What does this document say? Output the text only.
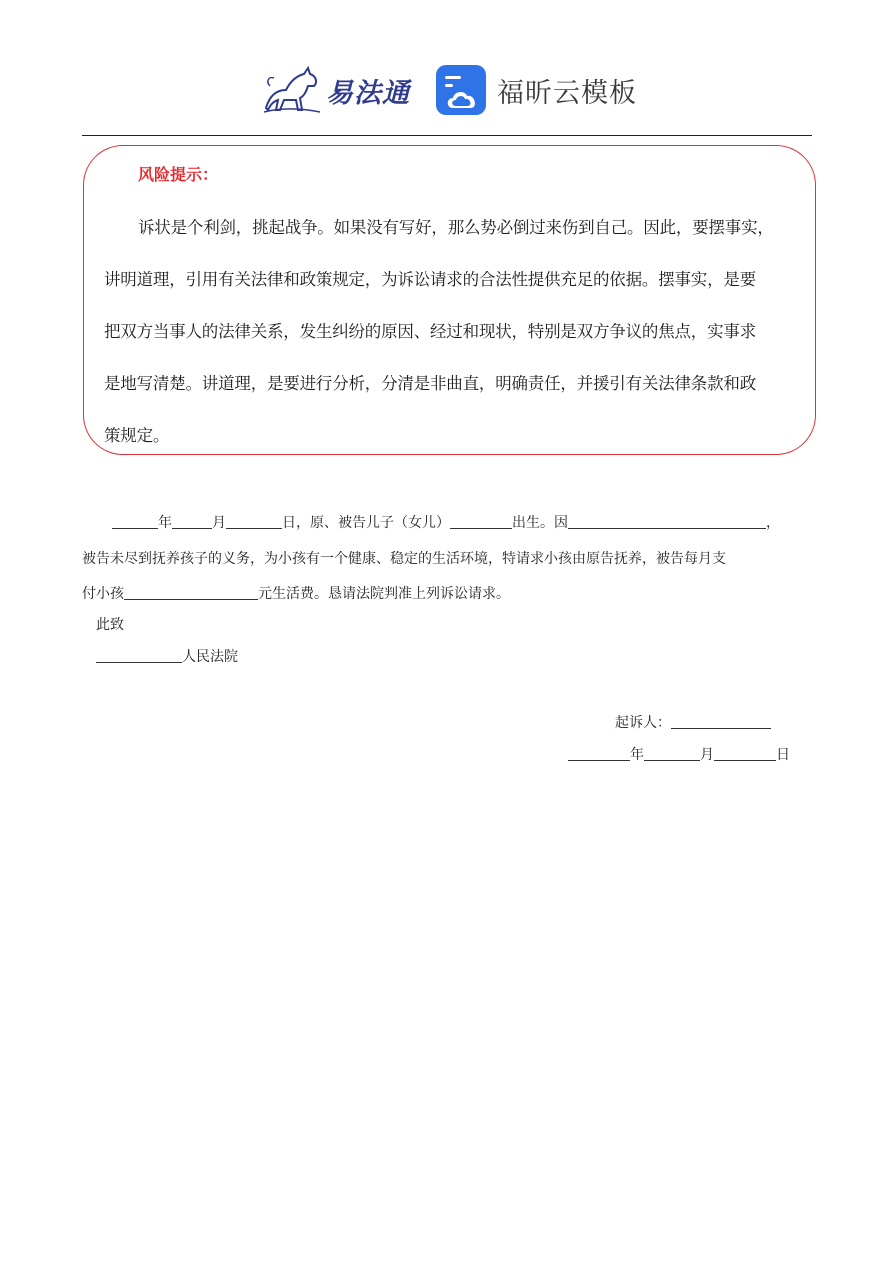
易法通	福昕云模板
风险提示：
诉状是个利剑，挑起战争。如果没有写好，那么势必倒过来伤到自己。因此，要摆事实，
讲明道理，引用有关法律和政策规定，为诉讼请求的合法性提供充足的依据。摆事实，是要
把双方当事人的法律关系，发生纠纷的原因、经过和现状，特别是双方争议的焦点，实事求
是地写清楚。讲道理，是要进行分析，分清是非曲直，明确责任，并援引有关法律条款和政
策规定。
年	月	日，原、被告儿子（女儿）	出生。因	，
被告未尽到抚养孩子的义务，为小孩有一个健康、稳定的生活环境，特请求小孩由原告抚养，被告每月支
付小孩	元生活费。恳请法院判准上列诉讼请求。
此致
人民法院
起诉人：
年	月	日
